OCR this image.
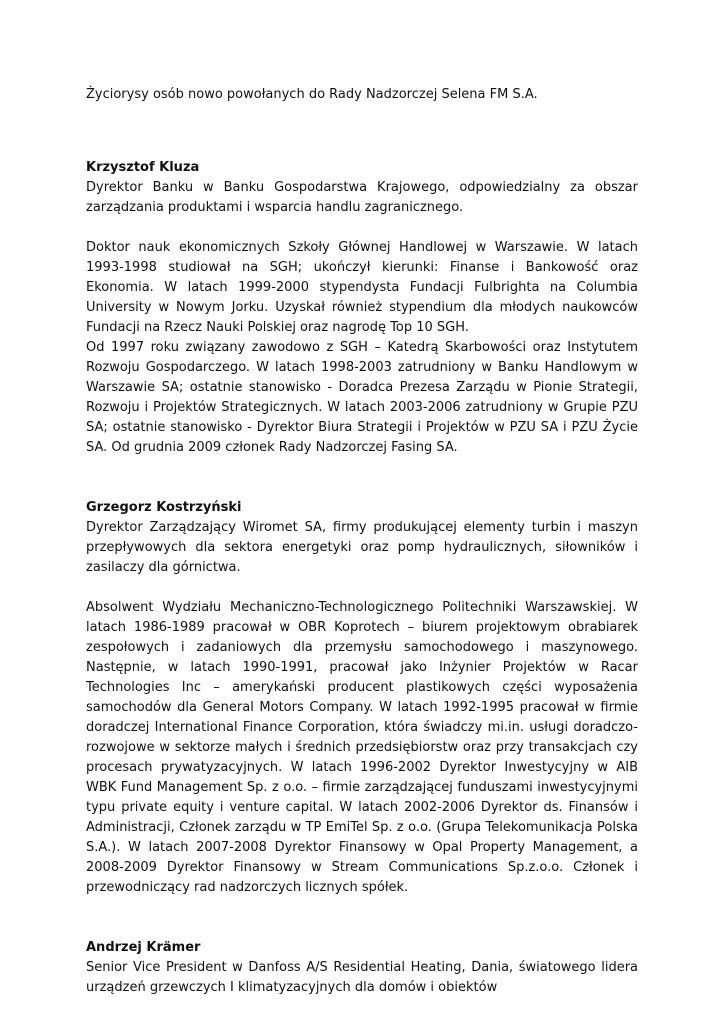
Życiorysy osób nowo powołanych do Rady Nadzorczej Selena FM S.A.

Krzysztof Kluza

Dyrektor Banku w Banku Gospodarstwa Krajowego, odpowiedzialny za obszar zarządzania produktami i wsparcia handlu zagranicznego.

Doktor nauk ekonomicznych Szkoły Głównej Handlowej w Warszawie. W latach 1993-1998 studiował na SGH; ukończył kierunki: Finanse i Bankowość oraz Ekonomia. W latach 1999-2000 stypendysta Fundacji Fulbrighta na Columbia University w Nowym Jorku. Uzyskał również stypendium dla młodych naukowców Fundacji na Rzecz Nauki Polskiej oraz nagrodę Top 10 SGH.

Od 1997 roku związany zawodowo z SGH – Katedrą Skarbowości oraz Instytutem Rozwoju Gospodarczego. W latach 1998-2003 zatrudniony w Banku Handlowym w Warszawie SA; ostatnie stanowisko - Doradca Prezesa Zarządu w Pionie Strategii, Rozwoju i Projektów Strategicznych. W latach 2003-2006 zatrudniony w Grupie PZU SA; ostatnie stanowisko - Dyrektor Biura Strategii i Projektów w PZU SA i PZU Życie SA. Od grudnia 2009 członek Rady Nadzorczej Fasing SA.

Grzegorz Kostrzyński

Dyrektor Zarządzający Wiromet SA, firmy produkującej elementy turbin i maszyn przepływowych dla sektora energetyki oraz pomp hydraulicznych, siłowników i zasilaczy dla górnictwa.

Absolwent Wydziału Mechaniczno-Technologicznego Politechniki Warszawskiej. W latach 1986-1989 pracował w OBR Koprotech – biurem projektowym obrabiarek zespołowych i zadaniowych dla przemysłu samochodowego i maszynowego. Następnie, w latach 1990-1991, pracował jako Inżynier Projektów w Racar Technologies Inc – amerykański producent plastikowych części wyposażenia samochodów dla General Motors Company. W latach 1992-1995 pracował w firmie doradczej International Finance Corporation, która świadczy mi.in. usługi doradczo-rozwojowe w sektorze małych i średnich przedsiębiorstw oraz przy transakcjach czy procesach prywatyzacyjnych. W latach 1996-2002 Dyrektor Inwestycyjny w AIB WBK Fund Management Sp. z o.o. – firmie zarządzającej funduszami inwestycyjnymi typu private equity i venture capital. W latach 2002-2006 Dyrektor ds. Finansów i Administracji, Członek zarządu w TP EmiTel Sp. z o.o. (Grupa Telekomunikacja Polska S.A.). W latach 2007-2008 Dyrektor Finansowy w Opal Property Management, a 2008-2009 Dyrektor Finansowy w Stream Communications Sp.z.o.o. Członek i przewodniczący rad nadzorczych licznych spółek.

Andrzej Krämer

Senior Vice President w Danfoss A/S Residential Heating, Dania, światowego lidera urządzeń grzewczych I klimatyzacyjnych dla domów i obiektów
